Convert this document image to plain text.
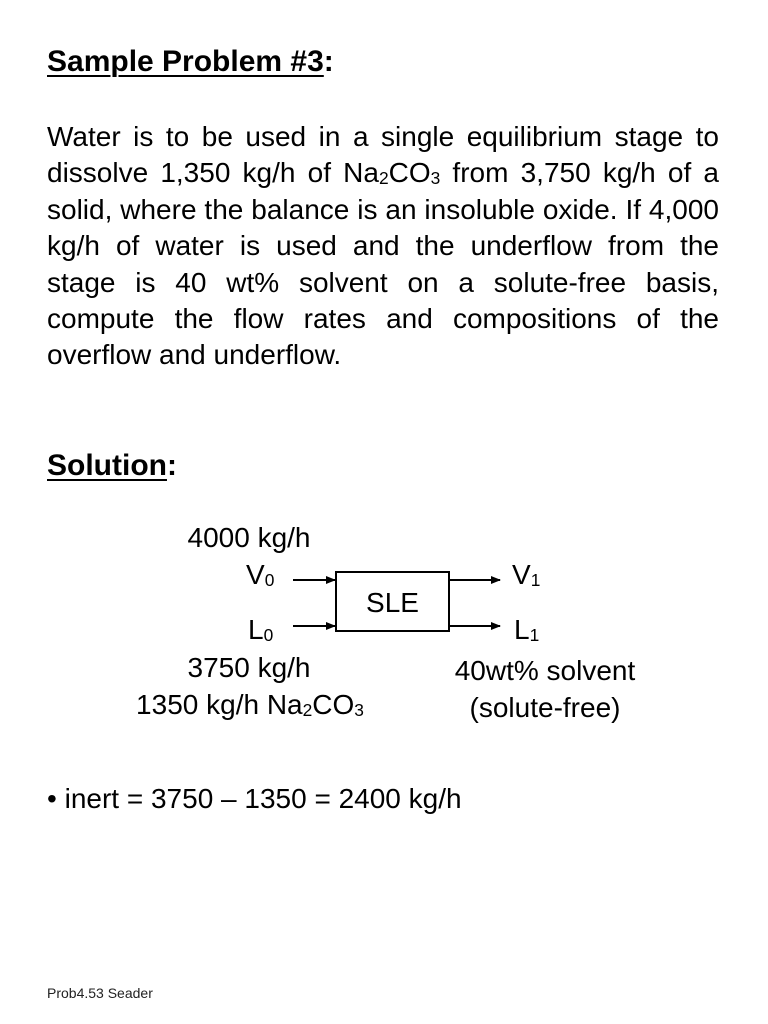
Sample Problem #3:

Water is to be used in a single equilibrium stage to dissolve 1,350 kg/h of $Na_2CO_3$ from 3,750 kg/h of a solid, where the balance is an insoluble oxide. If 4,000 kg/h of water is used and the underflow from the stage is 40 wt% solvent on a solute-free basis, compute the flow rates and compositions of the overflow and underflow.

Solution:
4000 kg/h
$V_0$
$L_0$
$V_1$
$L_1$
SLE
3750 kg/h
1350 kg/h $Na_2CO_3$
40wt% solvent
(solute-free)
• inert = 3750 – 1350 = 2400 kg/h
Prob4.53 Seader
